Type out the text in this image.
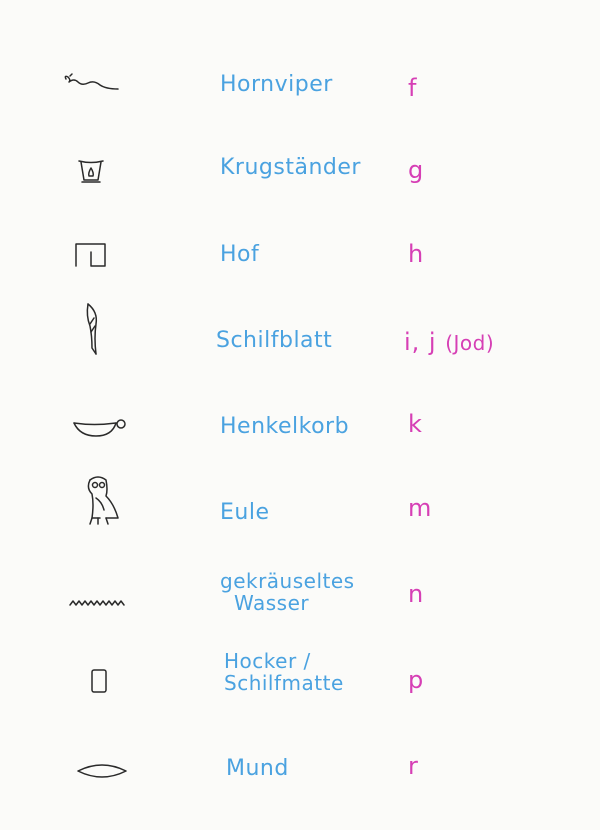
Hornviper	f
Krugständer g
Hof	h
Schilfblatt	i, j (Jod)
Henkelkorb k
Eule	m
gekräuseltes
Wasser	n
Hocker /
Schilfmatte	p
Mund	r
